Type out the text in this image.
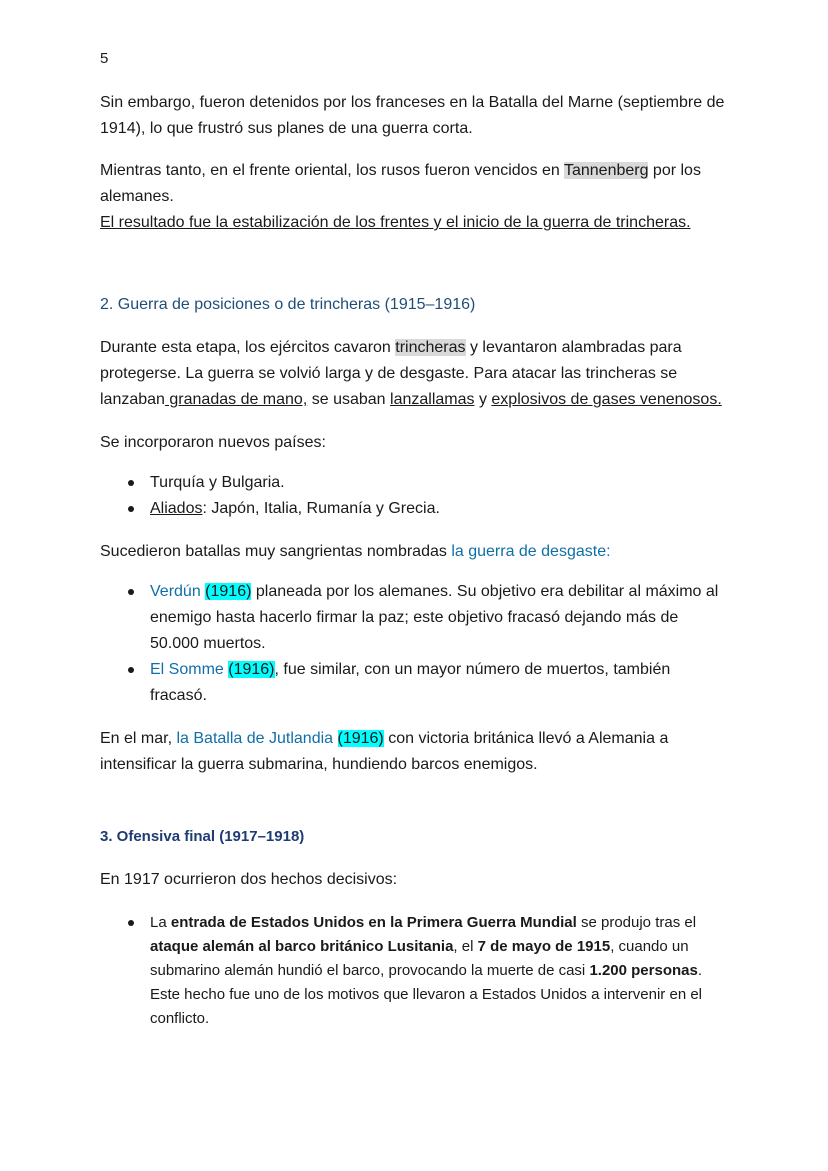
5

Sin embargo, fueron detenidos por los franceses en la Batalla del Marne (septiembre de 1914), lo que frustró sus planes de una guerra corta.

Mientras tanto, en el frente oriental, los rusos fueron vencidos en Tannenberg por los alemanes.
El resultado fue la estabilización de los frentes y el inicio de la guerra de trincheras.

2. Guerra de posiciones o de trincheras (1915–1916)

Durante esta etapa, los ejércitos cavaron trincheras y levantaron alambradas para protegerse. La guerra se volvió larga y de desgaste. Para atacar las trincheras se lanzaban granadas de mano, se usaban lanzallamas y explosivos de gases venenosos.

Se incorporaron nuevos países:

Turquía y Bulgaria.
Aliados: Japón, Italia, Rumanía y Grecia.

Sucedieron batallas muy sangrientas nombradas la guerra de desgaste:

Verdún (1916) planeada por los alemanes. Su objetivo era debilitar al máximo al enemigo hasta hacerlo firmar la paz; este objetivo fracasó dejando más de 50.000 muertos.
El Somme (1916), fue similar, con un mayor número de muertos, también fracasó.

En el mar, la Batalla de Jutlandia (1916) con victoria británica llevó a Alemania a intensificar la guerra submarina, hundiendo barcos enemigos.

3. Ofensiva final (1917–1918)

En 1917 ocurrieron dos hechos decisivos:

La entrada de Estados Unidos en la Primera Guerra Mundial se produjo tras el ataque alemán al barco británico Lusitania, el 7 de mayo de 1915, cuando un submarino alemán hundió el barco, provocando la muerte de casi 1.200 personas. Este hecho fue uno de los motivos que llevaron a Estados Unidos a intervenir en el conflicto.
